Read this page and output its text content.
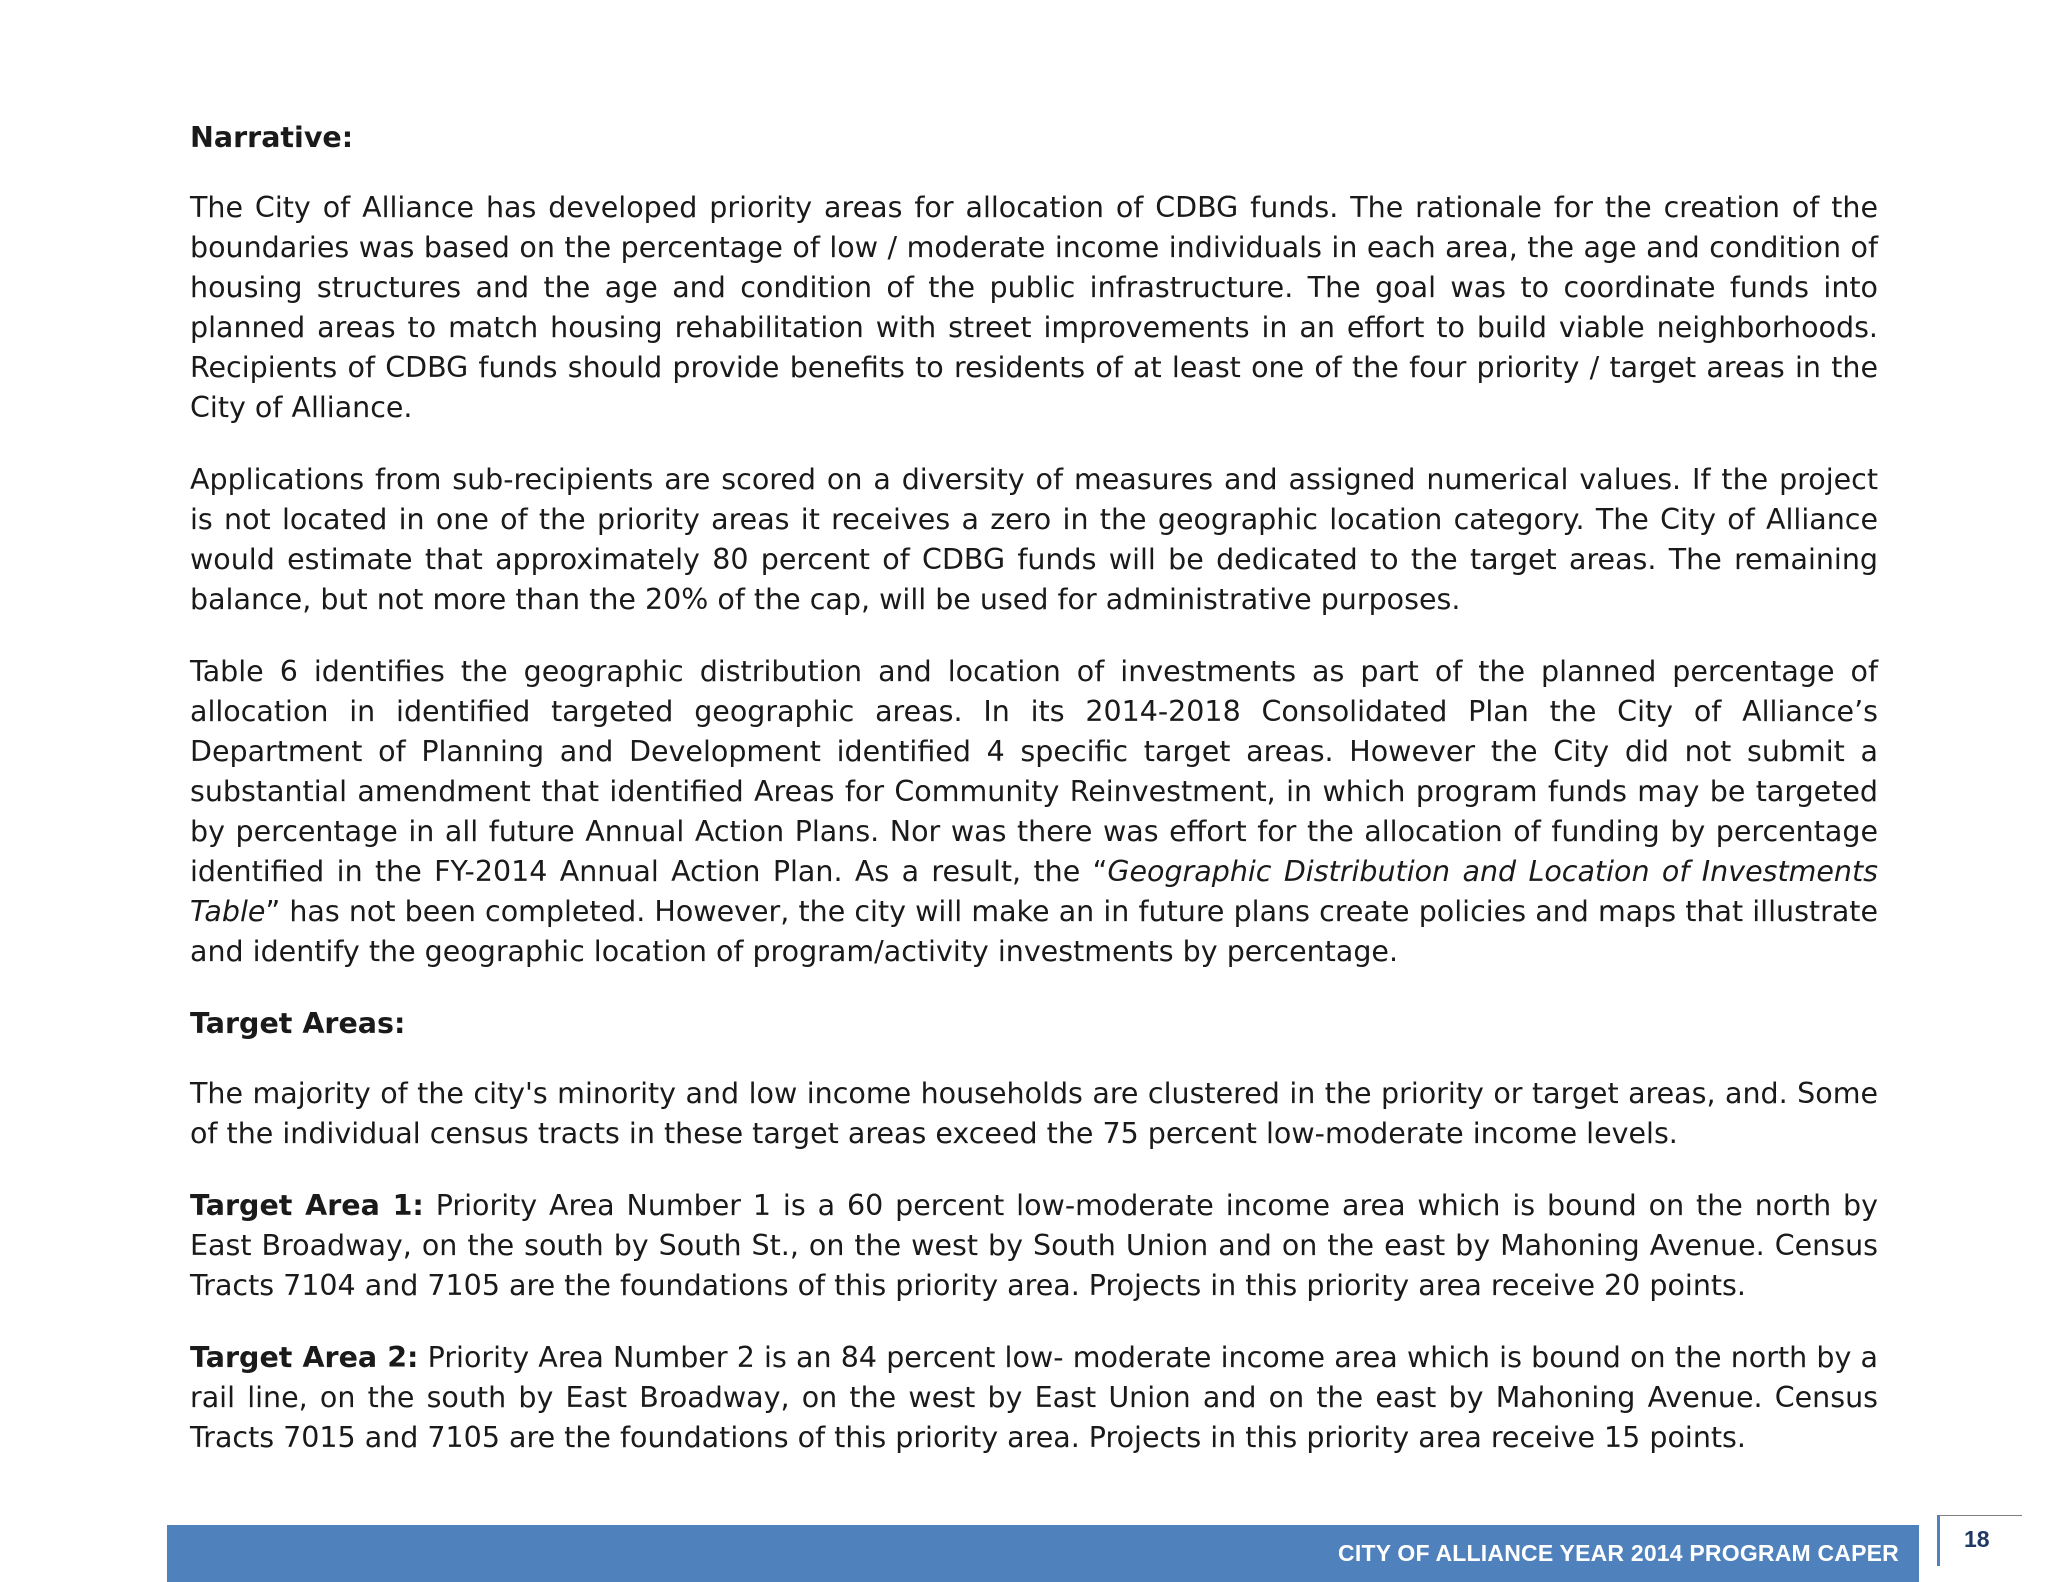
Narrative:

The City of Alliance has developed priority areas for allocation of CDBG funds. The rationale for the creation of the boundaries was based on the percentage of low / moderate income individuals in each area, the age and condition of housing structures and the age and condition of the public infrastructure. The goal was to coordinate funds into planned areas to match housing rehabilitation with street improvements in an effort to build viable neighborhoods. Recipients of CDBG funds should provide benefits to residents of at least one of the four priority / target areas in the City of Alliance.

Applications from sub-recipients are scored on a diversity of measures and assigned numerical values. If the project is not located in one of the priority areas it receives a zero in the geographic location category. The City of Alliance would estimate that approximately 80 percent of CDBG funds will be dedicated to the target areas. The remaining balance, but not more than the 20% of the cap, will be used for administrative purposes.

Table 6 identifies the geographic distribution and location of investments as part of the planned percentage of allocation in identified targeted geographic areas. In its 2014-2018 Consolidated Plan the City of Alliance’s Department of Planning and Development identified 4 specific target areas. However the City did not submit a substantial amendment that identified Areas for Community Reinvestment, in which program funds may be targeted by percentage in all future Annual Action Plans. Nor was there was effort for the allocation of funding by percentage identified in the FY-2014 Annual Action Plan. As a result, the “Geographic Distribution and Location of Investments Table” has not been completed. However, the city will make an in future plans create policies and maps that illustrate and identify the geographic location of program/activity investments by percentage.

Target Areas:

The majority of the city's minority and low income households are clustered in the priority or target areas, and. Some of the individual census tracts in these target areas exceed the 75 percent low-moderate income levels.

Target Area 1: Priority Area Number 1 is a 60 percent low-moderate income area which is bound on the north by East Broadway, on the south by South St., on the west by South Union and on the east by Mahoning Avenue. Census Tracts 7104 and 7105 are the foundations of this priority area. Projects in this priority area receive 20 points.

Target Area 2: Priority Area Number 2 is an 84 percent low- moderate income area which is bound on the north by a rail line, on the south by East Broadway, on the west by East Union and on the east by Mahoning Avenue. Census Tracts 7015 and 7105 are the foundations of this priority area. Projects in this priority area receive 15 points.

CITY OF ALLIANCE YEAR 2014 PROGRAM CAPER
18
